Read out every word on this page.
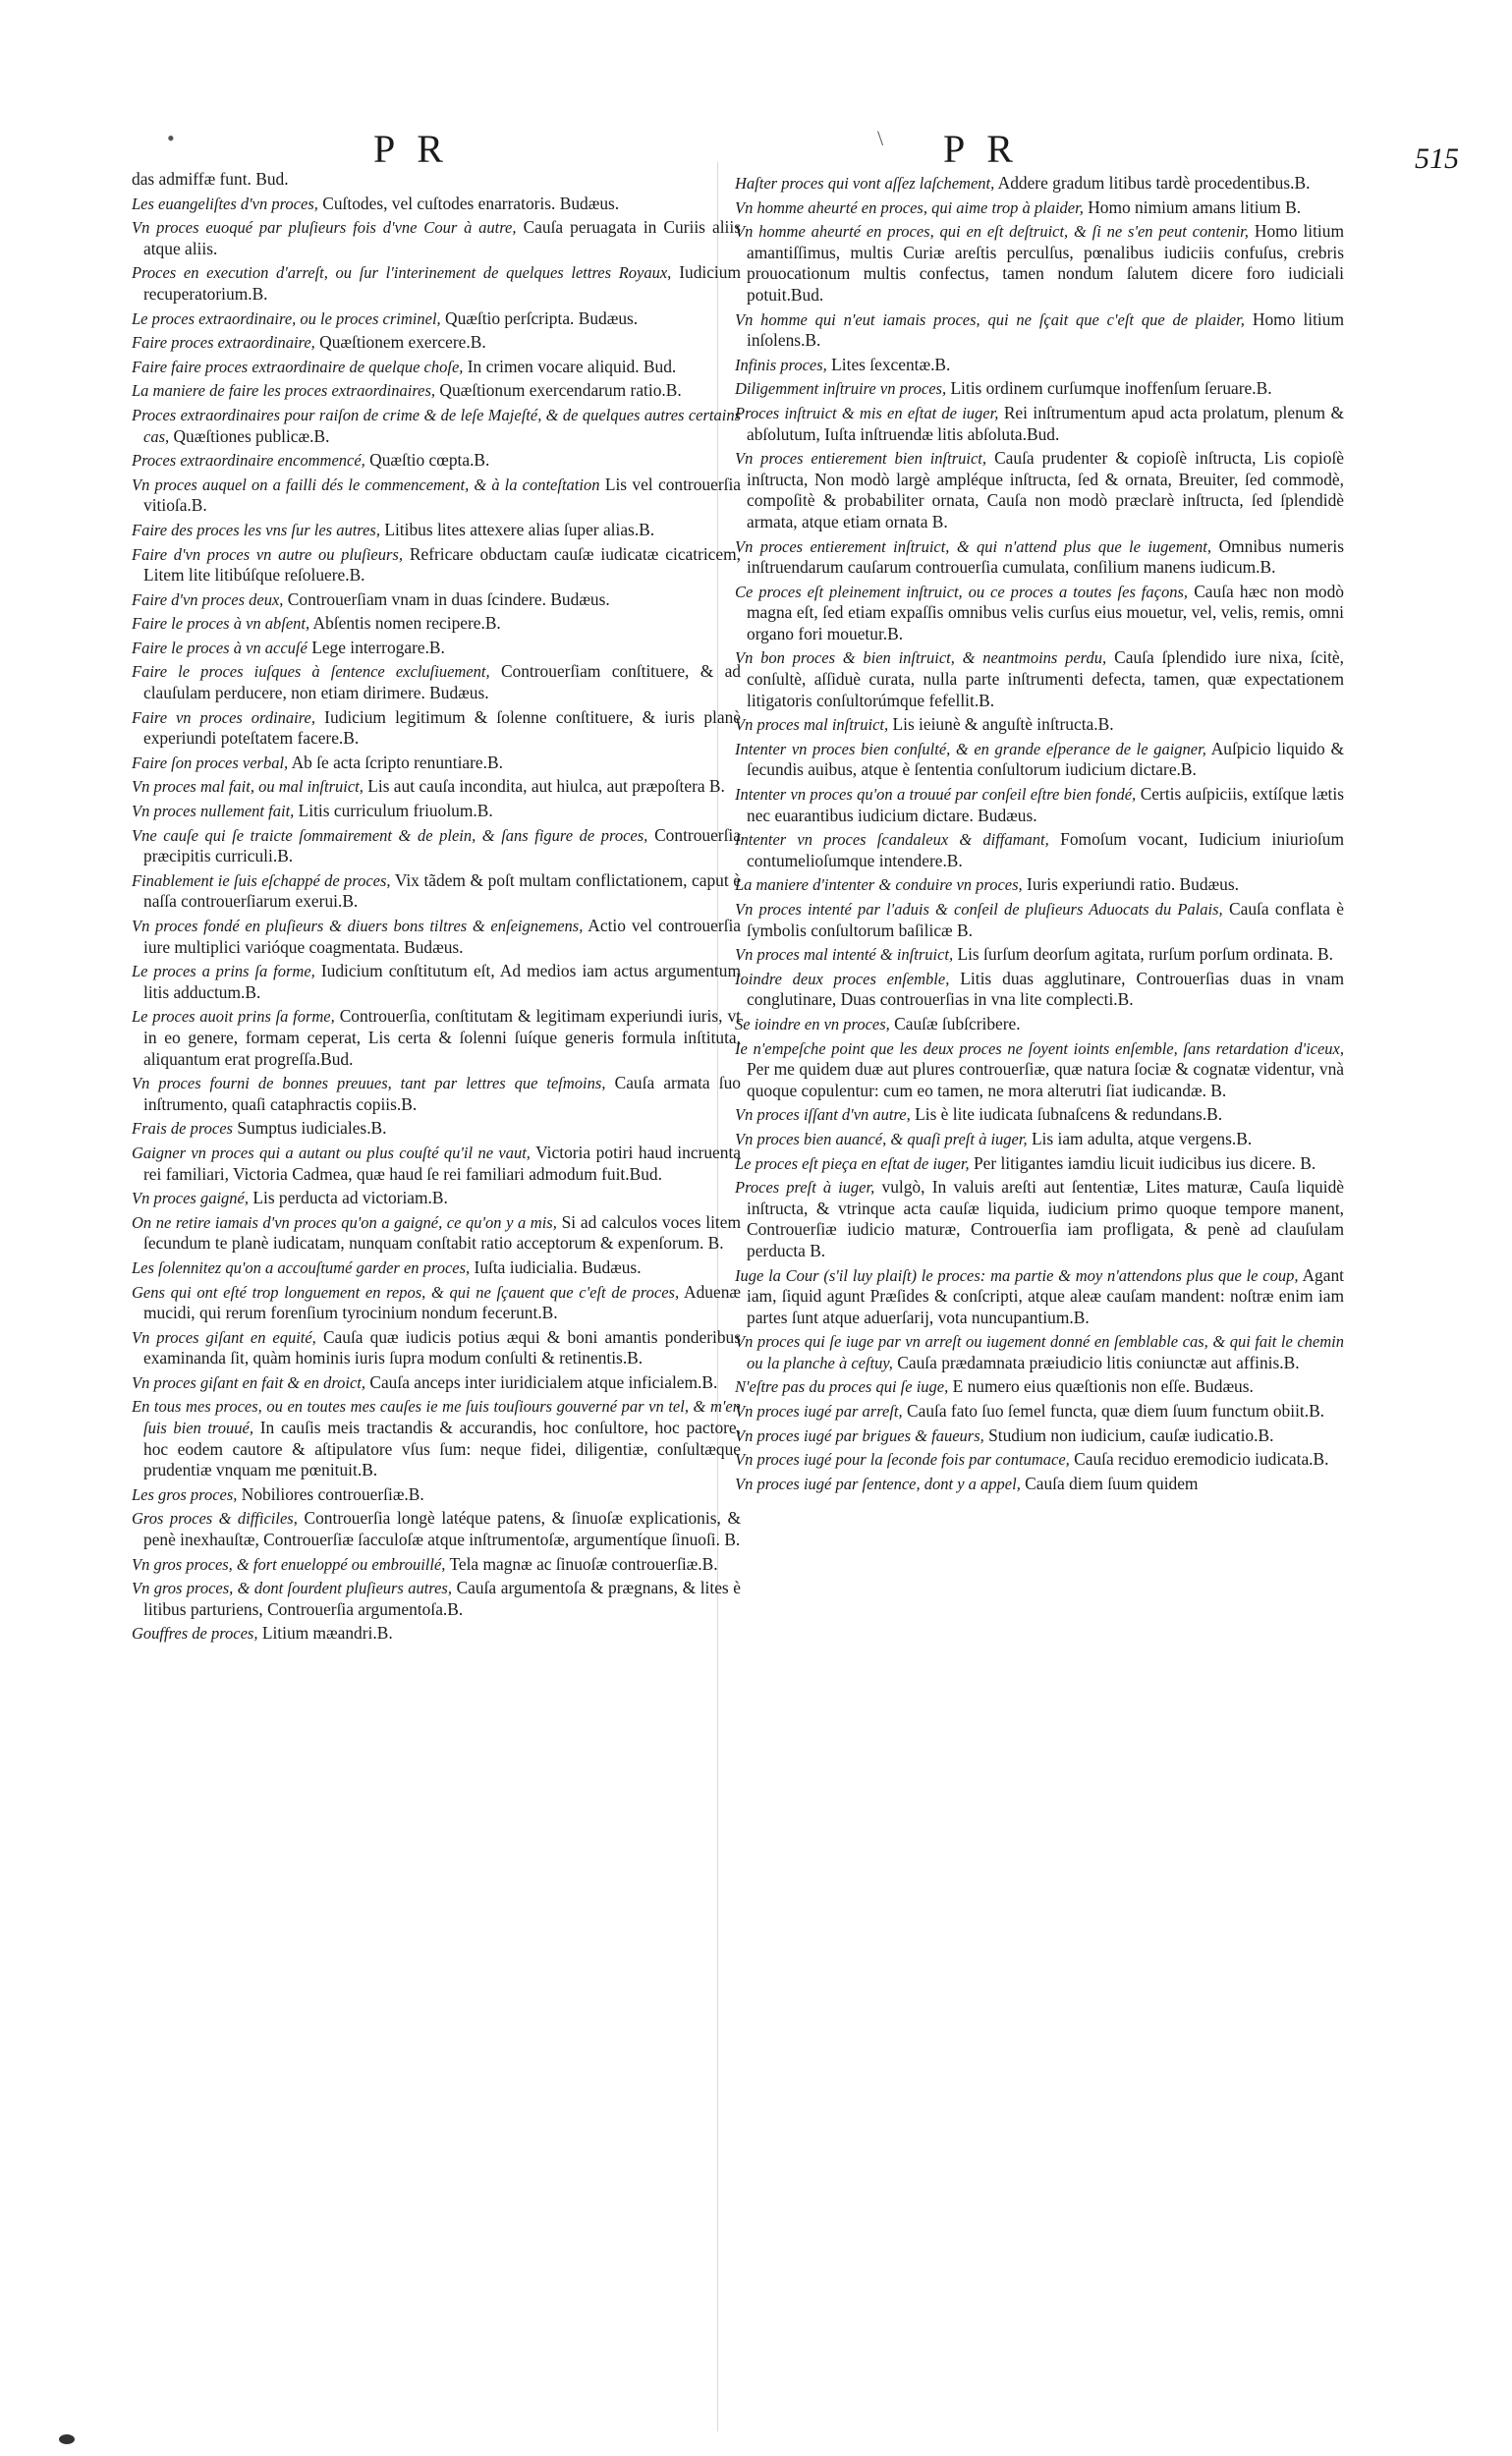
•	PR	\ PR	515

das admiffæ funt. Bud.

Les euangeliſtes d'vn proces, Cuſtodes, vel cuſtodes enarratoris. Budæus.

Vn proces euoqué par pluſieurs fois d'vne Cour à autre, Cauſa peruagata in Curiis aliis atque aliis.

Proces en execution d'arreſt, ou ſur l'interinement de quelques lettres Royaux, Iudicium recuperatorium.B.

Le proces extraordinaire, ou le proces criminel, Quæſtio perſcripta. Budæus.

Faire proces extraordinaire, Quæſtionem exercere.B.

Faire faire proces extraordinaire de quelque choſe, In crimen vocare aliquid. Bud.

La maniere de faire les proces extraordinaires, Quæſtionum exercendarum ratio.B.

Proces extraordinaires pour raiſon de crime & de leſe Majeſté, & de quelques autres certains cas, Quæſtiones publicæ.B.

Proces extraordinaire encommencé, Quæſtio cœpta.B.

Vn proces auquel on a failli dés le commencement, & à la conteſtation Lis vel controuerſia vitioſa.B.

Faire des proces les vns ſur les autres, Litibus lites attexere alias ſuper alias.B.

Faire d'vn proces vn autre ou pluſieurs, Refricare obductam cauſæ iudicatæ cicatricem, Litem lite litibúſque reſoluere.B.

Faire d'vn proces deux, Controuerſiam vnam in duas ſcindere. Budæus.

Faire le proces à vn abſent, Abſentis nomen recipere.B.

Faire le proces à vn accuſé Lege interrogare.B.

Faire le proces iuſques à ſentence excluſiuement, Controuerſiam conſtituere, & ad clauſulam perducere, non etiam dirimere. Budæus.

Faire vn proces ordinaire, Iudicium legitimum & ſolenne conſtituere, & iuris planè experiundi poteſtatem facere.B.

Faire ſon proces verbal, Ab ſe acta ſcripto renuntiare.B.

Vn proces mal fait, ou mal inſtruict, Lis aut cauſa incondita, aut hiulca, aut præpoſtera B.

Vn proces nullement fait, Litis curriculum friuolum.B.

Vne cauſe qui ſe traicte ſommairement & de plein, & ſans figure de proces, Controuerſia præcipitis curriculi.B.

Finablement ie ſuis eſchappé de proces, Vix tãdem & poſt multam conflictationem, caput è naſſa controuerſiarum exerui.B.

Vn proces fondé en pluſieurs & diuers bons tiltres & enſeignemens, Actio vel controuerſia iure multiplici varióque coagmentata. Budæus.

Le proces a prins ſa forme, Iudicium conſtitutum eſt, Ad medios iam actus argumentum litis adductum.B.

Le proces auoit prins ſa forme, Controuerſia, conſtitutam & legitimam experiundi iuris, vt in eo genere, formam ceperat, Lis certa & ſolenni ſuíque generis formula inſtituta, aliquantum erat progreſſa.Bud.

Vn proces fourni de bonnes preuues, tant par lettres que teſmoins, Cauſa armata ſuo inſtrumento, quaſi cataphractis copiis.B.

Frais de proces Sumptus iudiciales.B.

Gaigner vn proces qui a autant ou plus couſté qu'il ne vaut, Victoria potiri haud incruenta rei familiari, Victoria Cadmea, quæ haud ſe rei familiari admodum fuit.Bud.

Vn proces gaigné, Lis perducta ad victoriam.B.

On ne retire iamais d'vn proces qu'on a gaigné, ce qu'on y a mis, Si ad calculos voces litem ſecundum te planè iudicatam, nunquam conſtabit ratio acceptorum & expenſorum. B.

Les ſolennitez qu'on a accouſtumé garder en proces, Iuſta iudicialia. Budæus.

Gens qui ont eſté trop longuement en repos, & qui ne ſçauent que c'eſt de proces, Aduenæ mucidi, qui rerum forenſium tyrocinium nondum fecerunt.B.

Vn proces giſant en equité, Cauſa quæ iudicis potius æqui & boni amantis ponderibus examinanda ſit, quàm hominis iuris ſupra modum conſulti & retinentis.B.

Vn proces giſant en fait & en droict, Cauſa anceps inter iuridicialem atque inficialem.B.

En tous mes proces, ou en toutes mes cauſes ie me ſuis touſiours gouverné par vn tel, & m'en ſuis bien trouué, In cauſis meis tractandis & accurandis, hoc conſultore, hoc pactore, hoc eodem cautore & aſtipulatore vſus ſum: neque fidei, diligentiæ, conſultæque prudentiæ vnquam me pœnituit.B.

Les gros proces, Nobiliores controuerſiæ.B.

Gros proces & difficiles, Controuerſia longè latéque patens, & ſinuoſæ explicationis, & penè inexhauſtæ, Controuerſiæ ſacculoſæ atque inſtrumentoſæ, argumentíque ſinuoſi. B.

Vn gros proces, & fort enueloppé ou embrouillé, Tela magnæ ac ſinuoſæ controuerſiæ.B.

Vn gros proces, & dont ſourdent pluſieurs autres, Cauſa argumentoſa & prægnans, & lites è litibus parturiens, Controuerſia argumentoſa.B.

Gouffres de proces, Litium mæandri.B.

Haſter proces qui vont aſſez laſchement, Addere gradum litibus tardè procedentibus.B.

Vn homme aheurté en proces, qui aime trop à plaider, Homo nimium amans litium B.

Vn homme aheurté en proces, qui en eſt deſtruict, & ſi ne s'en peut contenir, Homo litium amantiſſimus, multis Curiæ areſtis perculſus, pœnalibus iudiciis confuſus, crebris prouocationum multis confectus, tamen nondum ſalutem dicere foro iudiciali potuit.Bud.

Vn homme qui n'eut iamais proces, qui ne ſçait que c'eſt que de plaider, Homo litium inſolens.B.

Infinis proces, Lites ſexcentæ.B.

Diligemment inſtruire vn proces, Litis ordinem curſumque inoffenſum ſeruare.B.

Proces inſtruict & mis en eſtat de iuger, Rei inſtrumentum apud acta prolatum, plenum & abſolutum, Iuſta inſtruendæ litis abſoluta.Bud.

Vn proces entierement bien inſtruict, Cauſa prudenter & copioſè inſtructa, Lis copioſè inſtructa, Non modò largè ampléque inſtructa, ſed & ornata, Breuiter, ſed commodè, compoſitè & probabiliter ornata, Cauſa non modò præclarè inſtructa, ſed ſplendidè armata, atque etiam ornata B.

Vn proces entierement inſtruict, & qui n'attend plus que le iugement, Omnibus numeris inſtruendarum cauſarum controuerſia cumulata, conſilium manens iudicum.B.

Ce proces eſt pleinement inſtruict, ou ce proces a toutes ſes façons, Cauſa hæc non modò magna eſt, ſed etiam expaſſis omnibus velis curſus eius mouetur, vel, velis, remis, omni organo fori mouetur.B.

Vn bon proces & bien inſtruict, & neantmoins perdu, Cauſa ſplendido iure nixa, ſcitè, conſultè, aſſiduè curata, nulla parte inſtrumenti defecta, tamen, quæ expectationem litigatoris conſultorúmque fefellit.B.

Vn proces mal inſtruict, Lis ieiunè & anguſtè inſtructa.B.

Intenter vn proces bien conſulté, & en grande eſperance de le gaigner, Auſpicio liquido & ſecundis auibus, atque è ſententia conſultorum iudicium dictare.B.

Intenter vn proces qu'on a trouué par conſeil eſtre bien fondé, Certis auſpiciis, extíſque lætis nec euarantibus iudicium dictare. Budæus.

Intenter vn proces ſcandaleux & diffamant, Fomoſum vocant, Iudicium iniurioſum contumelioſumque intendere.B.

La maniere d'intenter & conduire vn proces, Iuris experiundi ratio. Budæus.

Vn proces intenté par l'aduis & conſeil de pluſieurs Aduocats du Palais, Cauſa conflata è ſymbolis conſultorum baſilicæ B.

Vn proces mal intenté & inſtruict, Lis ſurſum deorſum agitata, rurſum porſum ordinata. B.

Ioindre deux proces enſemble, Litis duas agglutinare, Controuerſias duas in vnam conglutinare, Duas controuerſias in vna lite complecti.B.

Se ioindre en vn proces, Cauſæ ſubſcribere.

Ie n'empeſche point que les deux proces ne ſoyent ioints enſemble, ſans retardation d'iceux, Per me quidem duæ aut plures controuerſiæ, quæ natura ſociæ & cognatæ videntur, vnà quoque copulentur: cum eo tamen, ne mora alterutri ſiat iudicandæ. B.

Vn proces iſſant d'vn autre, Lis è lite iudicata ſubnaſcens & redundans.B.

Vn proces bien auancé, & quaſi preſt à iuger, Lis iam adulta, atque vergens.B.

Le proces eſt pieça en eſtat de iuger, Per litigantes iamdiu licuit iudicibus ius dicere. B.

Proces preſt à iuger, vulgò, In valuis areſti aut ſententiæ, Lites maturæ, Cauſa liquidè inſtructa, & vtrinque acta cauſæ liquida, iudicium primo quoque tempore manent, Controuerſiæ iudicio maturæ, Controuerſia iam profligata, & penè ad clauſulam perducta B.

Iuge la Cour (s'il luy plaiſt) le proces: ma partie & moy n'attendons plus que le coup, Agant iam, ſiquid agunt Præſides & conſcripti, atque aleæ cauſam mandent: noſtræ enim iam partes ſunt atque aduerſarij, vota nuncupantium.B.

Vn proces qui ſe iuge par vn arreſt ou iugement donné en ſemblable cas, & qui fait le chemin ou la planche à ceſtuy, Cauſa prædamnata præiudicio litis coniunctæ aut affinis.B.

N'eſtre pas du proces qui ſe iuge, E numero eius quæſtionis non eſſe. Budæus.

Vn proces iugé par arreſt, Cauſa fato ſuo ſemel functa, quæ diem ſuum functum obiit.B.

Vn proces iugé par brigues & faueurs, Studium non iudicium, cauſæ iudicatio.B.

Vn proces iugé pour la ſeconde fois par contumace, Cauſa reciduo eremodicio iudicata.B.

Vn proces iugé par ſentence, dont y a appel, Cauſa diem ſuum quidem
